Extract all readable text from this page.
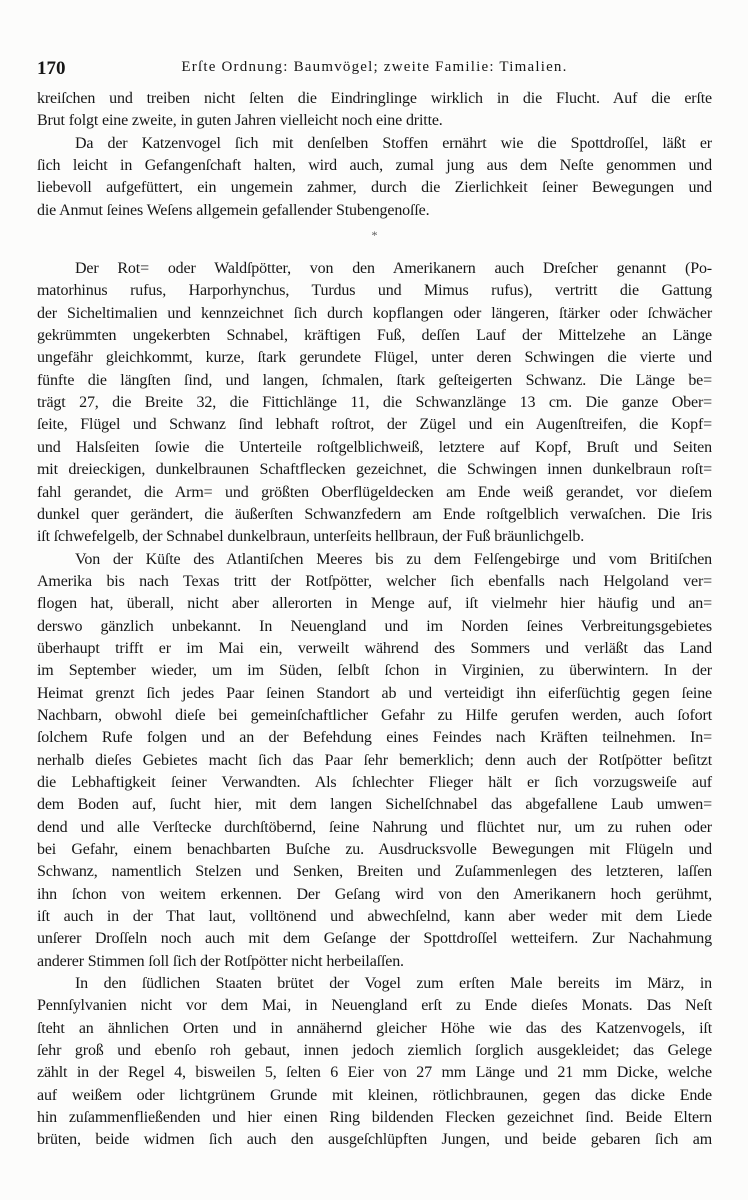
170	Erſte Ordnung: Baumvögel; zweite Familie: Timalien.
kreiſchen und treiben nicht ſelten die Eindringlinge wirklich in die Flucht. Auf die erſte
Brut folgt eine zweite, in guten Jahren vielleicht noch eine dritte.
Da der Katzenvogel ſich mit denſelben Stoffen ernährt wie die Spottdroſſel, läßt er
ſich leicht in Gefangenſchaft halten, wird auch, zumal jung aus dem Neſte genommen und
liebevoll aufgefüttert, ein ungemein zahmer, durch die Zierlichkeit ſeiner Bewegungen und
die Anmut ſeines Weſens allgemein gefallender Stubengenoſſe.
*
Der Rot= oder Waldſpötter, von den Amerikanern auch Dreſcher genannt (Po-
matorhinus rufus, Harporhynchus, Turdus und Mimus rufus), vertritt die Gattung
der Sicheltimalien und kennzeichnet ſich durch kopflangen oder längeren, ſtärker oder ſchwächer
gekrümmten ungekerbten Schnabel, kräftigen Fuß, deſſen Lauf der Mittelzehe an Länge
ungefähr gleichkommt, kurze, ſtark gerundete Flügel, unter deren Schwingen die vierte und
fünfte die längſten ſind, und langen, ſchmalen, ſtark geſteigerten Schwanz. Die Länge be=
trägt 27, die Breite 32, die Fittichlänge 11, die Schwanzlänge 13 cm. Die ganze Ober=
ſeite, Flügel und Schwanz ſind lebhaft roſtrot, der Zügel und ein Augenſtreifen, die Kopf=
und Halsſeiten ſowie die Unterteile roſtgelblichweiß, letztere auf Kopf, Bruſt und Seiten
mit dreieckigen, dunkelbraunen Schaftflecken gezeichnet, die Schwingen innen dunkelbraun roſt=
fahl gerandet, die Arm= und größten Oberflügeldecken am Ende weiß gerandet, vor dieſem
dunkel quer gerändert, die äußerſten Schwanzfedern am Ende roſtgelblich verwaſchen. Die Iris
iſt ſchwefelgelb, der Schnabel dunkelbraun, unterſeits hellbraun, der Fuß bräunlichgelb.
Von der Küſte des Atlantiſchen Meeres bis zu dem Felſengebirge und vom Britiſchen
Amerika bis nach Texas tritt der Rotſpötter, welcher ſich ebenfalls nach Helgoland ver=
flogen hat, überall, nicht aber allerorten in Menge auf, iſt vielmehr hier häufig und an=
derswo gänzlich unbekannt. In Neuengland und im Norden ſeines Verbreitungsgebietes
überhaupt trifft er im Mai ein, verweilt während des Sommers und verläßt das Land
im September wieder, um im Süden, ſelbſt ſchon in Virginien, zu überwintern. In der
Heimat grenzt ſich jedes Paar ſeinen Standort ab und verteidigt ihn eiferſüchtig gegen ſeine
Nachbarn, obwohl dieſe bei gemeinſchaftlicher Gefahr zu Hilfe gerufen werden, auch ſofort
ſolchem Rufe folgen und an der Befehdung eines Feindes nach Kräften teilnehmen. In=
nerhalb dieſes Gebietes macht ſich das Paar ſehr bemerklich; denn auch der Rotſpötter beſitzt
die Lebhaftigkeit ſeiner Verwandten. Als ſchlechter Flieger hält er ſich vorzugsweiſe auf
dem Boden auf, ſucht hier, mit dem langen Sichelſchnabel das abgefallene Laub umwen=
dend und alle Verſtecke durchſtöbernd, ſeine Nahrung und flüchtet nur, um zu ruhen oder
bei Gefahr, einem benachbarten Buſche zu. Ausdrucksvolle Bewegungen mit Flügeln und
Schwanz, namentlich Stelzen und Senken, Breiten und Zuſammenlegen des letzteren, laſſen
ihn ſchon von weitem erkennen. Der Geſang wird von den Amerikanern hoch gerühmt,
iſt auch in der That laut, volltönend und abwechſelnd, kann aber weder mit dem Liede
unſerer Droſſeln noch auch mit dem Geſange der Spottdroſſel wetteifern. Zur Nachahmung
anderer Stimmen ſoll ſich der Rotſpötter nicht herbeilaſſen.
In den ſüdlichen Staaten brütet der Vogel zum erſten Male bereits im März, in
Pennſylvanien nicht vor dem Mai, in Neuengland erſt zu Ende dieſes Monats. Das Neſt
ſteht an ähnlichen Orten und in annähernd gleicher Höhe wie das des Katzenvogels, iſt
ſehr groß und ebenſo roh gebaut, innen jedoch ziemlich ſorglich ausgekleidet; das Gelege
zählt in der Regel 4, bisweilen 5, ſelten 6 Eier von 27 mm Länge und 21 mm Dicke, welche
auf weißem oder lichtgrünem Grunde mit kleinen, rötlichbraunen, gegen das dicke Ende
hin zuſammenfließenden und hier einen Ring bildenden Flecken gezeichnet ſind. Beide Eltern
brüten, beide widmen ſich auch den ausgeſchlüpften Jungen, und beide gebaren ſich am
